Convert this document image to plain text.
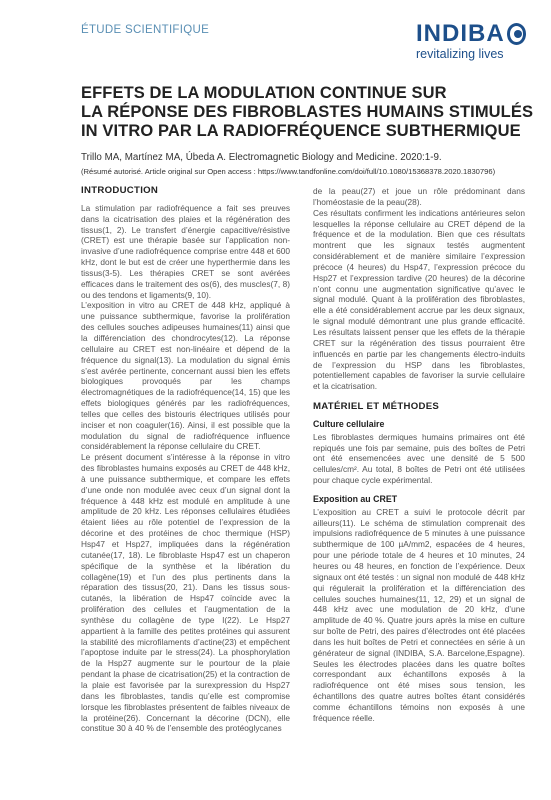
ÉTUDE SCIENTIFIQUE	INDIBA
revitalizing lives
EFFETS DE LA MODULATION CONTINUE SUR
LA RÉPONSE DES FIBROBLASTES HUMAINS STIMULÉS
IN VITRO PAR LA RADIOFRÉQUENCE SUBTHERMIQUE
Trillo MA, Martínez MA, Úbeda A. Electromagnetic Biology and Medicine. 2020:1-9.
(Résumé autorisé. Article original sur Open access : https://www.tandfonline.com/doi/full/10.1080/15368378.2020.1830796)
INTRODUCTION

La stimulation par radiofréquence a fait ses preuves dans la cicatrisation des plaies et la régénération des tissus(1, 2). Le transfert d’énergie capacitive/résistive (CRET) est une thérapie basée sur l’application non-invasive d’une radiofréquence comprise entre 448 et 600 kHz, dont le but est de créer une hyperthermie dans les tissus(3-5). Les thérapies CRET se sont avérées efficaces dans le traitement des os(6), des muscles(7, 8) ou des tendons et ligaments(9, 10).

L’exposition in vitro au CRET de 448 kHz, appliqué à une puissance subthermique, favorise la prolifération des cellules souches adipeuses humaines(11) ainsi que la différenciation des chondrocytes(12). La réponse cellulaire au CRET est non-linéaire et dépend de la fréquence du signal(13). La modulation du signal émis s’est avérée pertinente, concernant aussi bien les effets biologiques provoqués par les champs électromagnétiques de la radiofréquence(14, 15) que les effets biologiques générés par les radiofréquences, telles que celles des bistouris électriques utilisés pour inciser et non coaguler(16). Ainsi, il est possible que la modulation du signal de radiofréquence influence considérablement la réponse cellulaire du CRET.

Le présent document s’intéresse à la réponse in vitro des fibroblastes humains exposés au CRET de 448 kHz, à une puissance subthermique, et compare les effets d’une onde non modulée avec ceux d’un signal dont la fréquence à 448 kHz est modulé en amplitude à une amplitude de 20 kHz. Les réponses cellulaires étudiées étaient liées au rôle potentiel de l’expression de la décorine et des protéines de choc thermique (HSP) Hsp47 et Hsp27, impliquées dans la régénération cutanée(17, 18). Le fibroblaste Hsp47 est un chaperon spécifique de la synthèse et la libération du collagène(19) et l’un des plus pertinents dans la réparation des tissus(20, 21). Dans les tissus sous-cutanés, la libération de Hsp47 coïncide avec la prolifération des cellules et l’augmentation de la synthèse du collagène de type I(22). Le Hsp27 appartient à la famille des petites protéines qui assurent la stabilité des microfilaments d’actine(23) et empêchent l’apoptose induite par le stress(24). La phosphorylation de la Hsp27 augmente sur le pourtour de la plaie pendant la phase de cicatrisation(25) et la contraction de la plaie est favorisée par la surexpression du Hsp27 dans les fibroblastes, tandis qu’elle est compromise lorsque les fibroblastes présentent de faibles niveaux de la protéine(26). Concernant la décorine (DCN), elle constitue 30 à 40 % de l’ensemble des protéoglycanes

de la peau(27) et joue un rôle prédominant dans l’homéostasie de la peau(28).

Ces résultats confirment les indications antérieures selon lesquelles la réponse cellulaire au CRET dépend de la fréquence et de la modulation. Bien que ces résultats montrent que les signaux testés augmentent considérablement et de manière similaire l’expression précoce (4 heures) du Hsp47, l’expression précoce du Hsp27 et l’expression tardive (20 heures) de la décorine n’ont connu une augmentation significative qu’avec le signal modulé. Quant à la prolifération des fibroblastes, elle a été considérablement accrue par les deux signaux, le signal modulé démontrant une plus grande efficacité. Les résultats laissent penser que les effets de la thérapie CRET sur la régénération des tissus pourraient être influencés en partie par les changements électro-induits de l’expression du HSP dans les fibroblastes, potentiellement capables de favoriser la survie cellulaire et la cicatrisation.

MATÉRIEL ET MÉTHODES
Culture cellulaire

Les fibroblastes dermiques humains primaires ont été repiqués une fois par semaine, puis des boîtes de Petri ont été ensemencées avec une densité de 5 500 cellules/cm². Au total, 8 boîtes de Petri ont été utilisées pour chaque cycle expérimental.

Exposition au CRET

L’exposition au CRET a suivi le protocole décrit par ailleurs(11). Le schéma de stimulation comprenait des impulsions radiofréquence de 5 minutes à une puissance subthermique de 100 µA/mm2, espacées de 4 heures, pour une période totale de 4 heures et 10 minutes, 24 heures ou 48 heures, en fonction de l’expérience. Deux signaux ont été testés : un signal non modulé de 448 kHz qui régulerait la prolifération et la différenciation des cellules souches humaines(11, 12, 29) et un signal de 448 kHz avec une modulation de 20 kHz, d’une amplitude de 40 %. Quatre jours après la mise en culture sur boîte de Petri, des paires d’électrodes ont été placées dans les huit boîtes de Petri et connectées en série à un générateur de signal (INDIBA, S.A. Barcelone,Espagne). Seules les électrodes placées dans les quatre boîtes correspondant aux échantillons exposés à la radiofréquence ont été mises sous tension, les échantillons des quatre autres boîtes étant considérés comme échantillons témoins non exposés à une fréquence réelle.
